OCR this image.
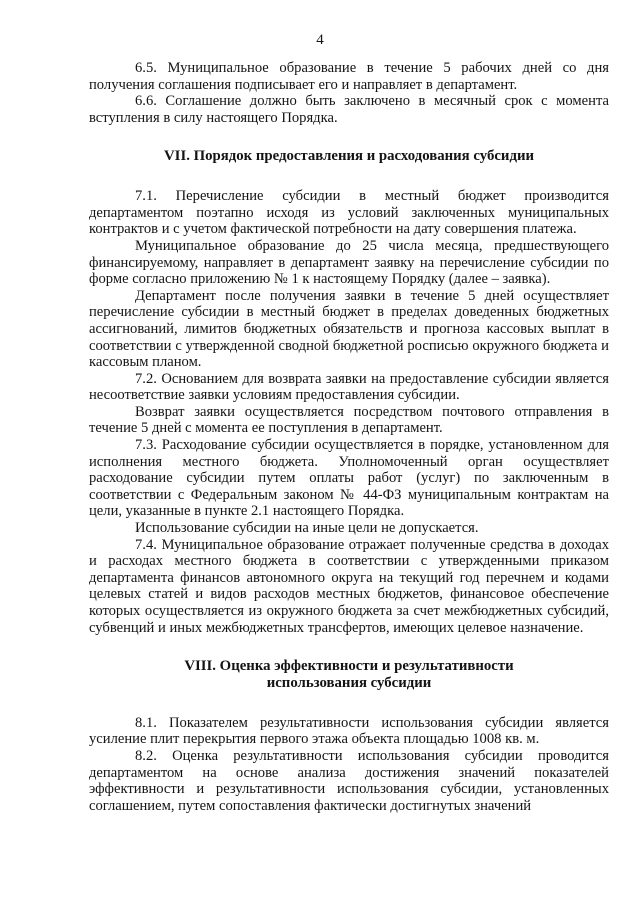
4

6.5. Муниципальное образование в течение 5 рабочих дней со дня получения соглашения подписывает его и направляет в департамент.

6.6. Соглашение должно быть заключено в месячный срок с момента вступления в силу настоящего Порядка.

VII. Порядок предоставления и расходования субсидии

7.1. Перечисление субсидии в местный бюджет производится департаментом поэтапно исходя из условий заключенных муниципальных контрактов и с учетом фактической потребности на дату совершения платежа.

Муниципальное образование до 25 числа месяца, предшествующего финансируемому, направляет в департамент заявку на перечисление субсидии по форме согласно приложению № 1 к настоящему Порядку (далее – заявка).

Департамент после получения заявки в течение 5 дней осуществляет перечисление субсидии в местный бюджет в пределах доведенных бюджетных ассигнований, лимитов бюджетных обязательств и прогноза кассовых выплат в соответствии с утвержденной сводной бюджетной росписью окружного бюджета и кассовым планом.

7.2. Основанием для возврата заявки на предоставление субсидии является несоответствие заявки условиям предоставления субсидии.

Возврат заявки осуществляется посредством почтового отправления в течение 5 дней с момента ее поступления в департамент.

7.3. Расходование субсидии осуществляется в порядке, установленном для исполнения местного бюджета. Уполномоченный орган осуществляет расходование субсидии путем оплаты работ (услуг) по заключенным в соответствии с Федеральным законом № 44-ФЗ муниципальным контрактам на цели, указанные в пункте 2.1 настоящего Порядка.

Использование субсидии на иные цели не допускается.

7.4. Муниципальное образование отражает полученные средства в доходах и расходах местного бюджета в соответствии с утвержденными приказом департамента финансов автономного округа на текущий год перечнем и кодами целевых статей и видов расходов местных бюджетов, финансовое обеспечение которых осуществляется из окружного бюджета за счет межбюджетных субсидий, субвенций и иных межбюджетных трансфертов, имеющих целевое назначение.

VIII. Оценка эффективности и результативности
использования субсидии

8.1. Показателем результативности использования субсидии является усиление плит перекрытия первого этажа объекта площадью 1008 кв. м.

8.2. Оценка результативности использования субсидии проводится департаментом на основе анализа достижения значений показателей эффективности и результативности использования субсидии, установленных соглашением, путем сопоставления фактически достигнутых значений
